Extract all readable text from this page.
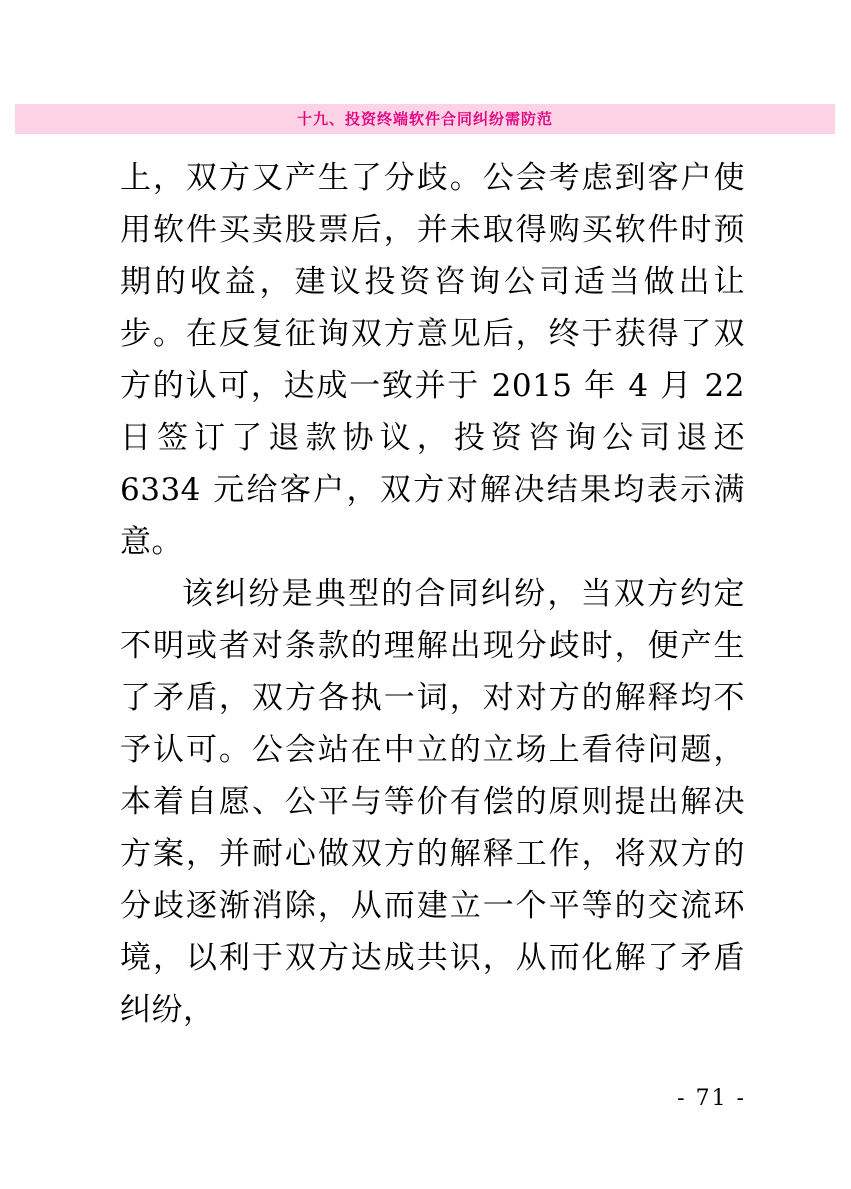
十九、投资终端软件合同纠纷需防范

上，双方又产生了分歧。公会考虑到客户使用软件买卖股票后，并未取得购买软件时预期的收益，建议投资咨询公司适当做出让步。在反复征询双方意见后，终于获得了双方的认可，达成一致并于 2015 年 4 月 22 日签订了退款协议，投资咨询公司退还 6334 元给客户，双方对解决结果均表示满意。

该纠纷是典型的合同纠纷，当双方约定不明或者对条款的理解出现分歧时，便产生了矛盾，双方各执一词，对对方的解释均不予认可。公会站在中立的立场上看待问题，本着自愿、公平与等价有偿的原则提出解决方案，并耐心做双方的解释工作，将双方的分歧逐渐消除，从而建立一个平等的交流环境，以利于双方达成共识，从而化解了矛盾纠纷，

- 71 -
